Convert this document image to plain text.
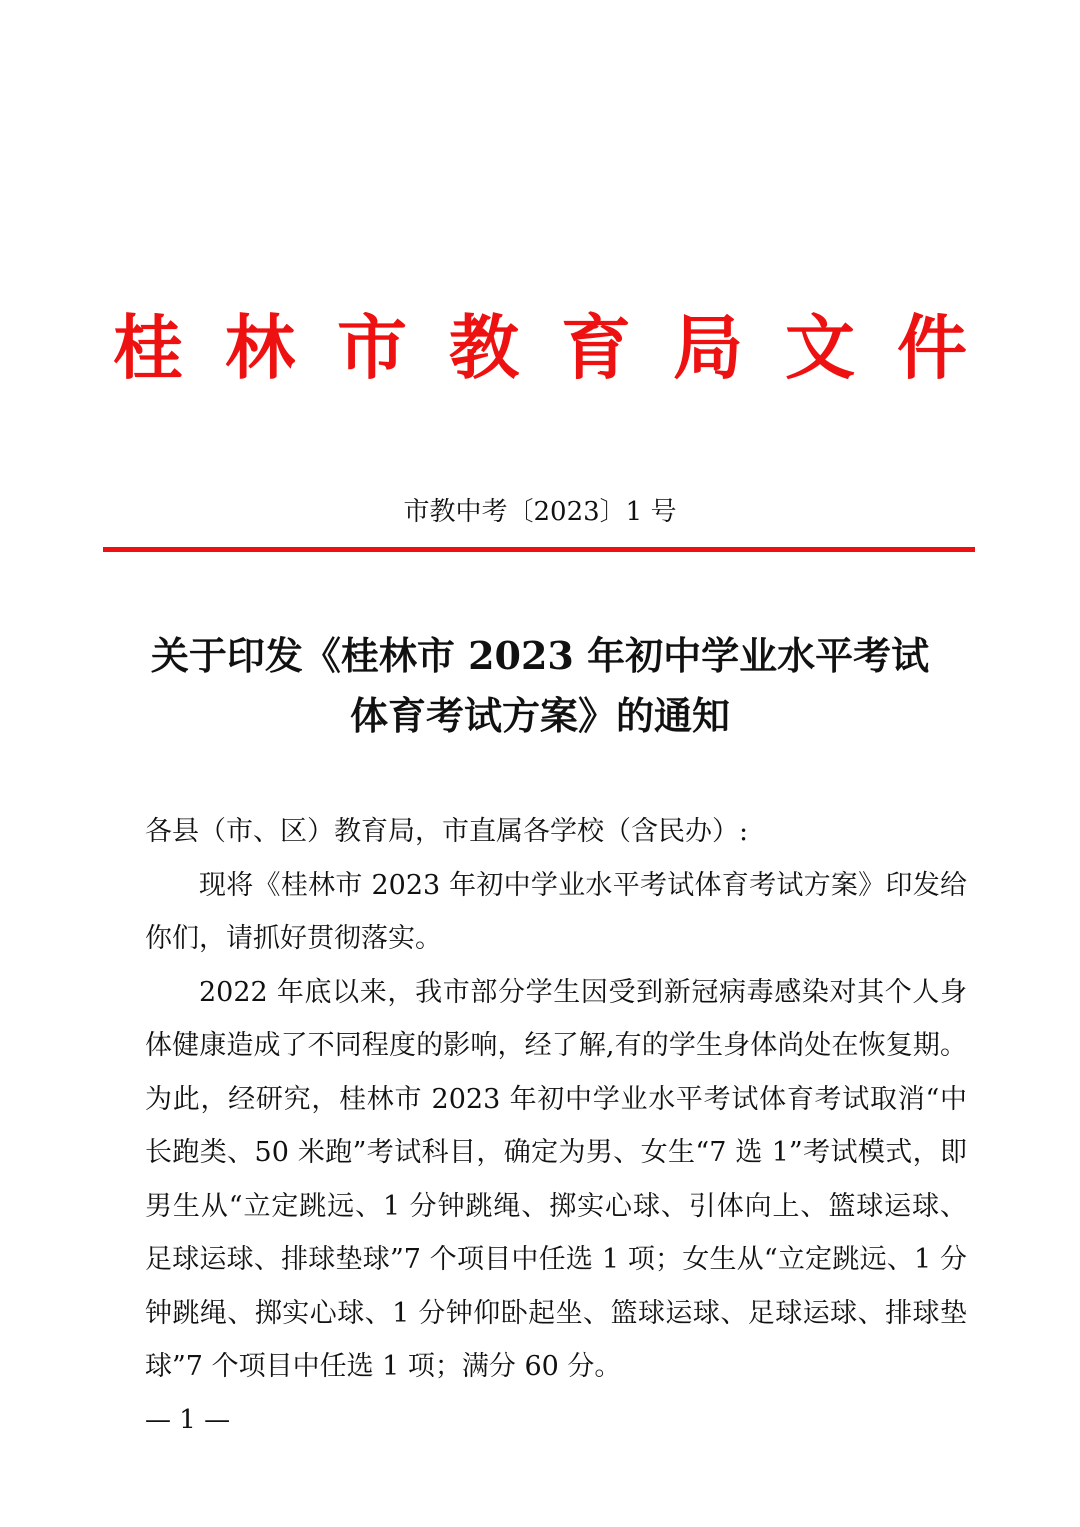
桂林市教育局文件
市教中考〔2023〕1 号
关于印发《桂林市 2023 年初中学业水平考试
体育考试方案》的通知

各县（市、区）教育局，市直属各学校（含民办）:

现将《桂林市 2023 年初中学业水平考试体育考试方案》印发给你们，请抓好贯彻落实。

2022 年底以来，我市部分学生因受到新冠病毒感染对其个人身体健康造成了不同程度的影响，经了解,有的学生身体尚处在恢复期。为此，经研究，桂林市 2023 年初中学业水平考试体育考试取消“中长跑类、50 米跑”考试科目，确定为男、女生“7 选 1”考试模式，即男生从“立定跳远、1 分钟跳绳、掷实心球、引体向上、篮球运球、足球运球、排球垫球”7 个项目中任选 1 项；女生从“立定跳远、1 分钟跳绳、掷实心球、1 分钟仰卧起坐、篮球运球、足球运球、排球垫球”7 个项目中任选 1 项；满分 60 分。

— 1 —
